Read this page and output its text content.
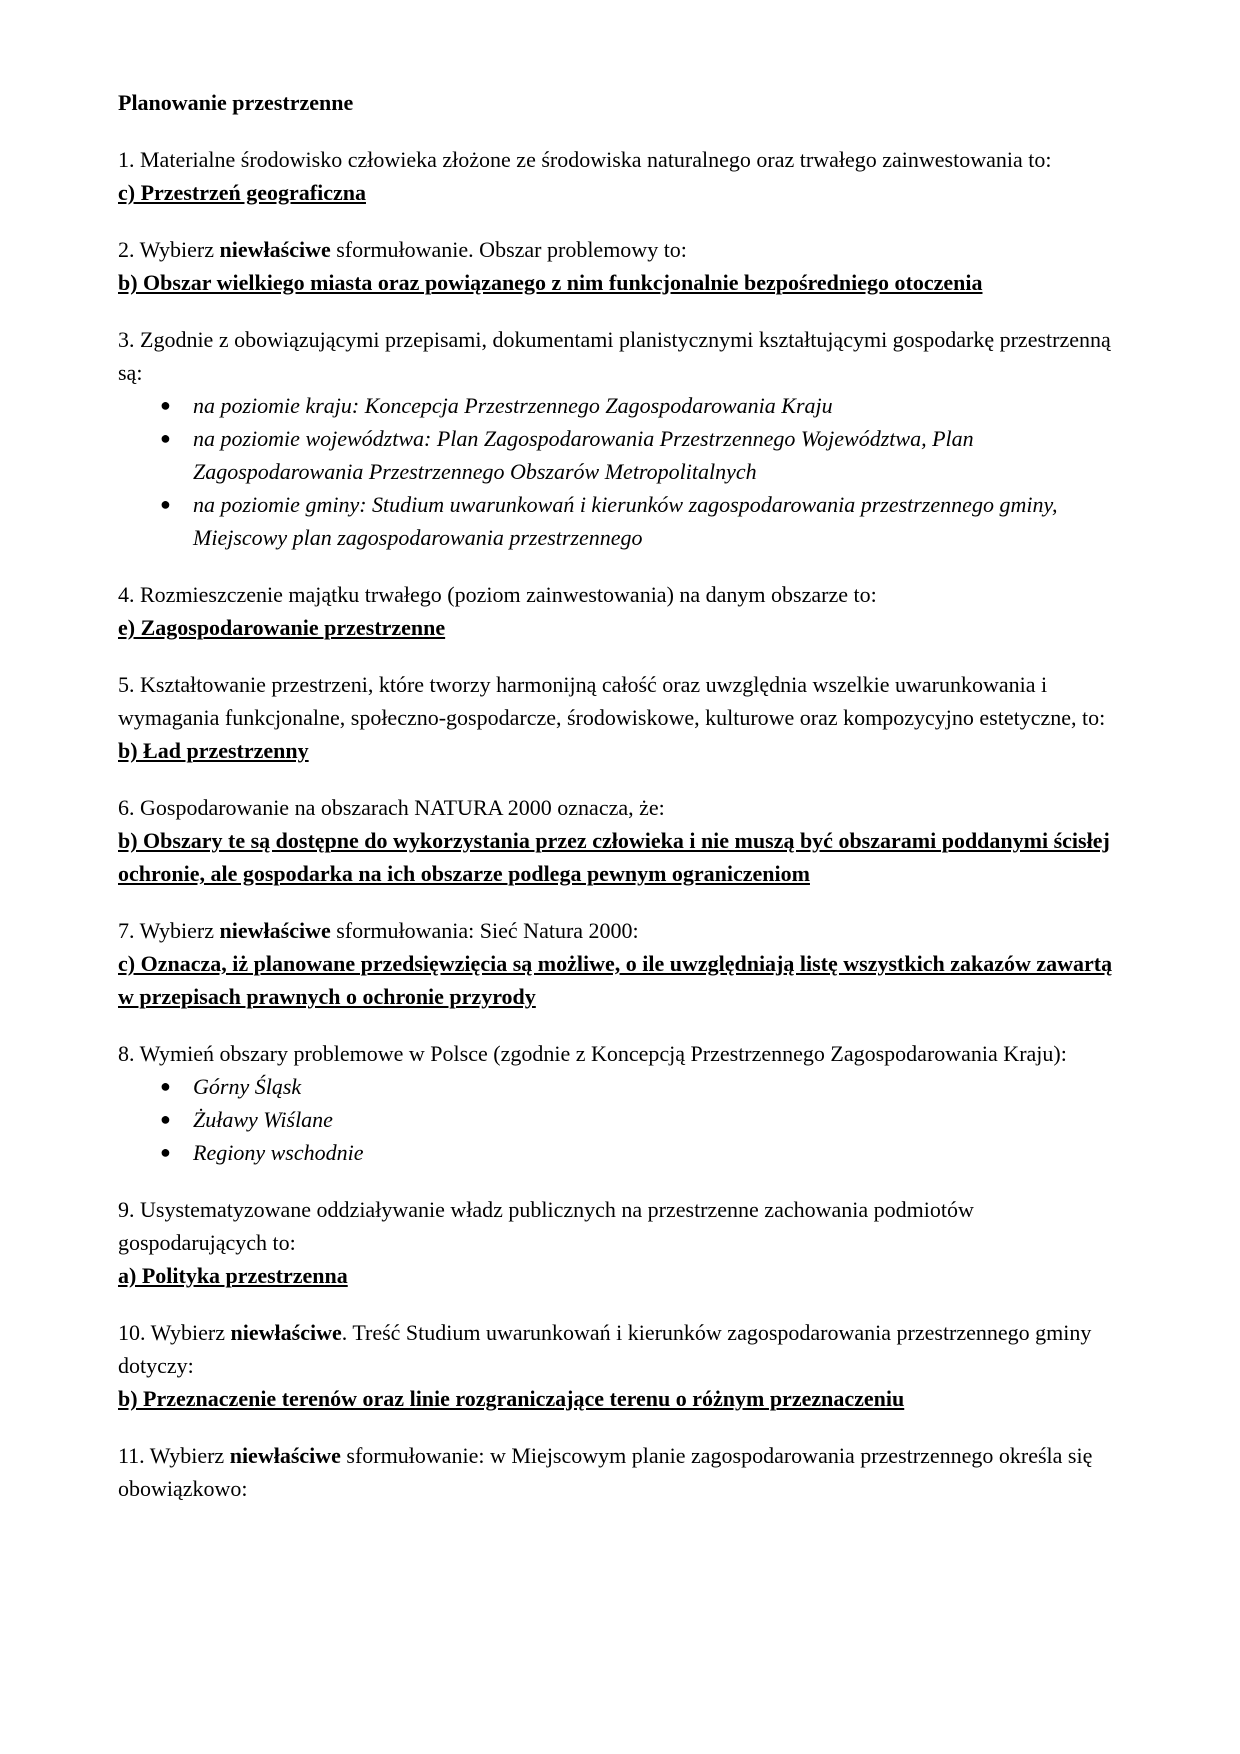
Planowanie przestrzenne
1. Materialne środowisko człowieka złożone ze środowiska naturalnego oraz trwałego zainwestowania to:
c) Przestrzeń geograficzna
2. Wybierz niewłaściwe sformułowanie. Obszar problemowy to:
b) Obszar wielkiego miasta oraz powiązanego z nim funkcjonalnie bezpośredniego otoczenia
3. Zgodnie z obowiązującymi przepisami, dokumentami planistycznymi kształtującymi gospodarkę przestrzenną są:
● na poziomie kraju: Koncepcja Przestrzennego Zagospodarowania Kraju
● na poziomie województwa: Plan Zagospodarowania Przestrzennego Województwa, Plan Zagospodarowania Przestrzennego Obszarów Metropolitalnych
● na poziomie gminy: Studium uwarunkowań i kierunków zagospodarowania przestrzennego gminy, Miejscowy plan zagospodarowania przestrzennego
4. Rozmieszczenie majątku trwałego (poziom zainwestowania) na danym obszarze to:
e) Zagospodarowanie przestrzenne
5. Kształtowanie przestrzeni, które tworzy harmonijną całość oraz uwzględnia wszelkie uwarunkowania i wymagania funkcjonalne, społeczno-gospodarcze, środowiskowe, kulturowe oraz kompozycyjno estetyczne, to:
b) Ład przestrzenny
6. Gospodarowanie na obszarach NATURA 2000 oznacza, że:
b) Obszary te są dostępne do wykorzystania przez człowieka i nie muszą być obszarami poddanymi ścisłej ochronie, ale gospodarka na ich obszarze podlega pewnym ograniczeniom
7. Wybierz niewłaściwe sformułowania: Sieć Natura 2000:
c) Oznacza, iż planowane przedsięwzięcia są możliwe, o ile uwzględniają listę wszystkich zakazów zawartą w przepisach prawnych o ochronie przyrody
8. Wymień obszary problemowe w Polsce (zgodnie z Koncepcją Przestrzennego Zagospodarowania Kraju):
● Górny Śląsk
● Żuławy Wiślane
● Regiony wschodnie
9. Usystematyzowane oddziaływanie władz publicznych na przestrzenne zachowania podmiotów gospodarujących to:
a) Polityka przestrzenna
10. Wybierz niewłaściwe. Treść Studium uwarunkowań i kierunków zagospodarowania przestrzennego gminy dotyczy:
b) Przeznaczenie terenów oraz linie rozgraniczające terenu o różnym przeznaczeniu
11. Wybierz niewłaściwe sformułowanie: w Miejscowym planie zagospodarowania przestrzennego określa się obowiązkowo:
